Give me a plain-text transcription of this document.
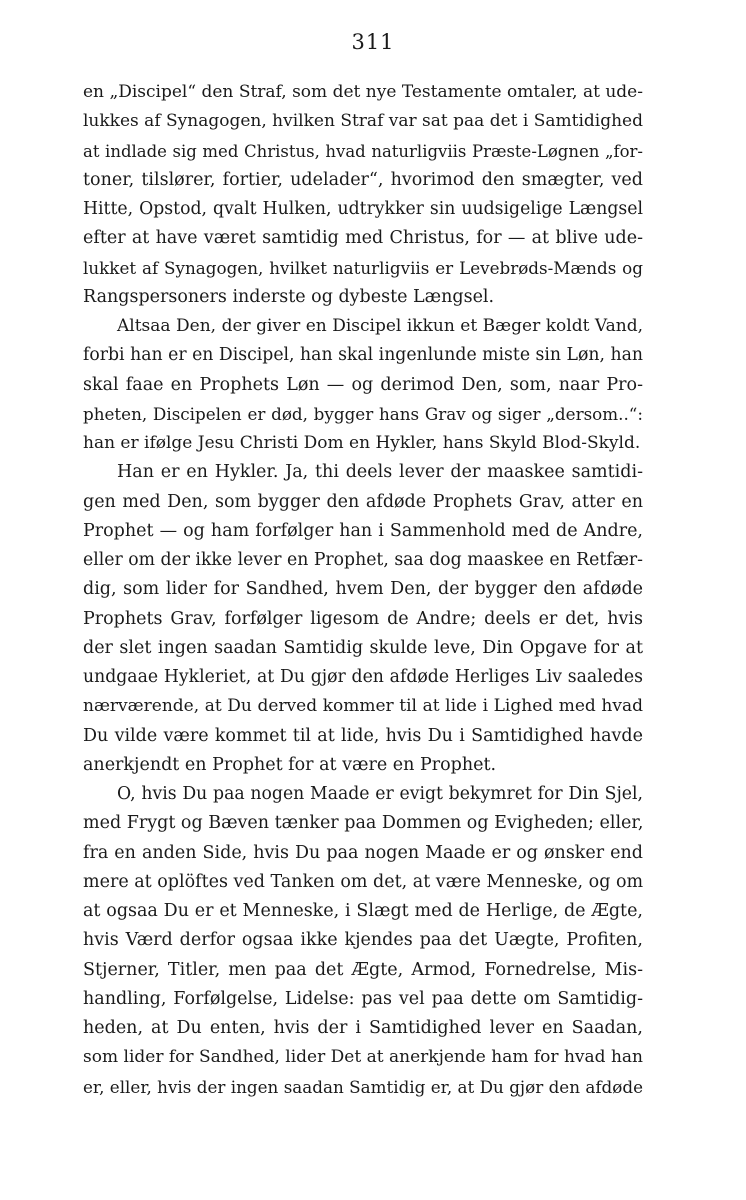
311
en „Discipel“ den Straf, som det nye Testamente omtaler, at ude-
lukkes af Synagogen, hvilken Straf var sat paa det i Samtidighed
at indlade sig med Christus, hvad naturligviis Præste-Løgnen „for-
toner, tilslører, fortier, udelader“, hvorimod den smægter, ved
Hitte, Opstod, qvalt Hulken, udtrykker sin uudsigelige Længsel
efter at have været samtidig med Christus, for — at blive ude-
lukket af Synagogen, hvilket naturligviis er Levebrøds-Mænds og
Rangspersoners inderste og dybeste Længsel.
Altsaa Den, der giver en Discipel ikkun et Bæger koldt Vand,
forbi han er en Discipel, han skal ingenlunde miste sin Løn, han
skal faae en Prophets Løn — og derimod Den, som, naar Pro-
pheten, Discipelen er død, bygger hans Grav og siger „dersom..“:
han er ifølge Jesu Christi Dom en Hykler, hans Skyld Blod-Skyld.
Han er en Hykler. Ja, thi deels lever der maaskee samtidi-
gen med Den, som bygger den afdøde Prophets Grav, atter en
Prophet — og ham forfølger han i Sammenhold med de Andre,
eller om der ikke lever en Prophet, saa dog maaskee en Retfær-
dig, som lider for Sandhed, hvem Den, der bygger den afdøde
Prophets Grav, forfølger ligesom de Andre; deels er det, hvis
der slet ingen saadan Samtidig skulde leve, Din Opgave for at
undgaae Hykleriet, at Du gjør den afdøde Herliges Liv saaledes
nærværende, at Du derved kommer til at lide i Lighed med hvad
Du vilde være kommet til at lide, hvis Du i Samtidighed havde
anerkjendt en Prophet for at være en Prophet.
O, hvis Du paa nogen Maade er evigt bekymret for Din Sjel,
med Frygt og Bæven tænker paa Dommen og Evigheden; eller,
fra en anden Side, hvis Du paa nogen Maade er og ønsker end
mere at oplöftes ved Tanken om det, at være Menneske, og om
at ogsaa Du er et Menneske, i Slægt med de Herlige, de Ægte,
hvis Værd derfor ogsaa ikke kjendes paa det Uægte, Profiten,
Stjerner, Titler, men paa det Ægte, Armod, Fornedrelse, Mis-
handling, Forfølgelse, Lidelse: pas vel paa dette om Samtidig-
heden, at Du enten, hvis der i Samtidighed lever en Saadan,
som lider for Sandhed, lider Det at anerkjende ham for hvad han
er, eller, hvis der ingen saadan Samtidig er, at Du gjør den afdøde
